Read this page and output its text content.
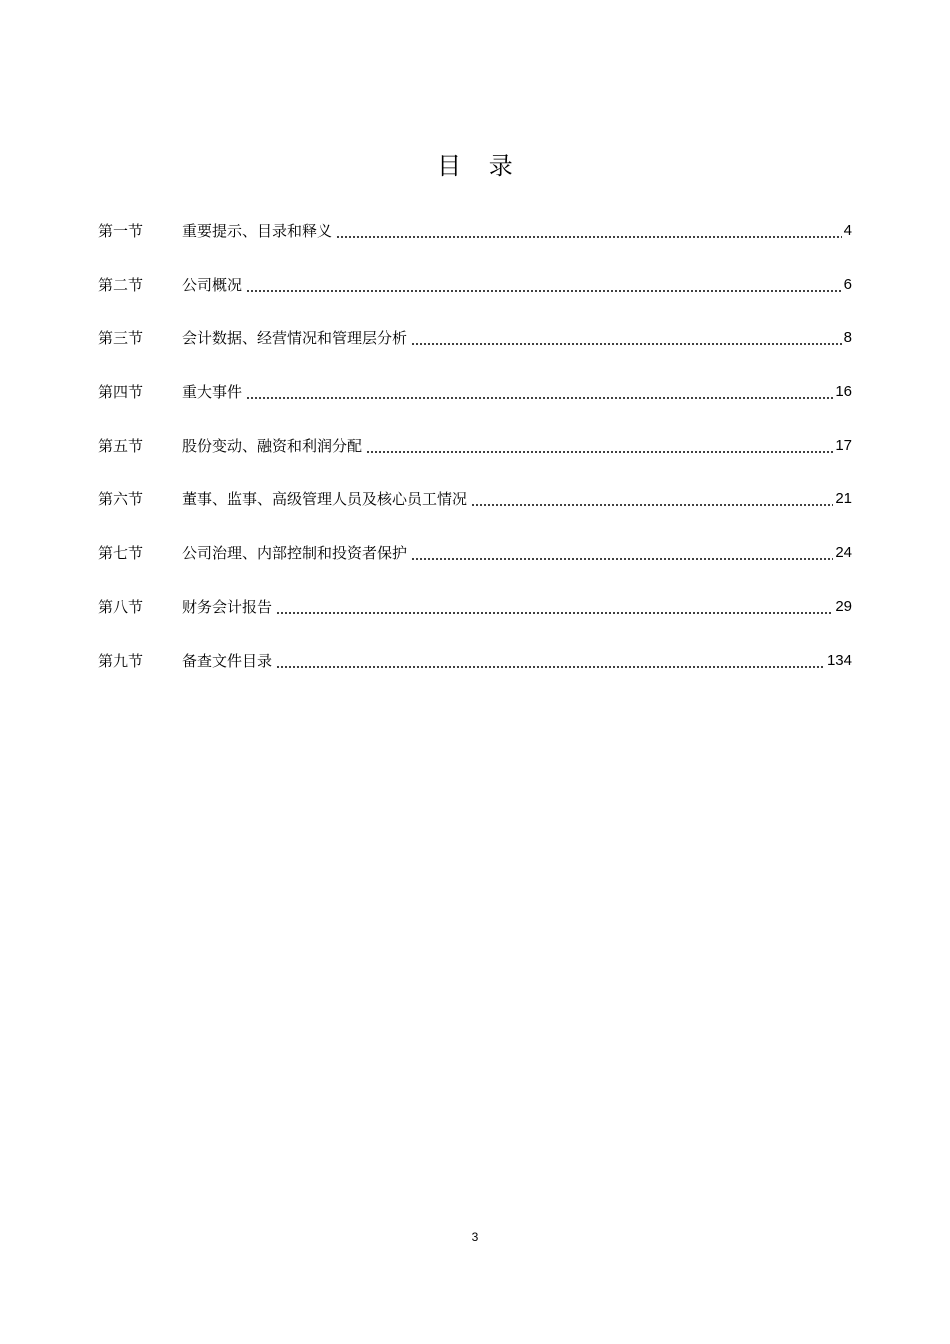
目 录
第一节	重要提示、目录和释义	4
第二节	公司概况	6
第三节	会计数据、经营情况和管理层分析	8
第四节	重大事件	16
第五节	股份变动、融资和利润分配	17
第六节	董事、监事、高级管理人员及核心员工情况	21
第七节	公司治理、内部控制和投资者保护	24
第八节	财务会计报告	29
第九节	备查文件目录	134
3
